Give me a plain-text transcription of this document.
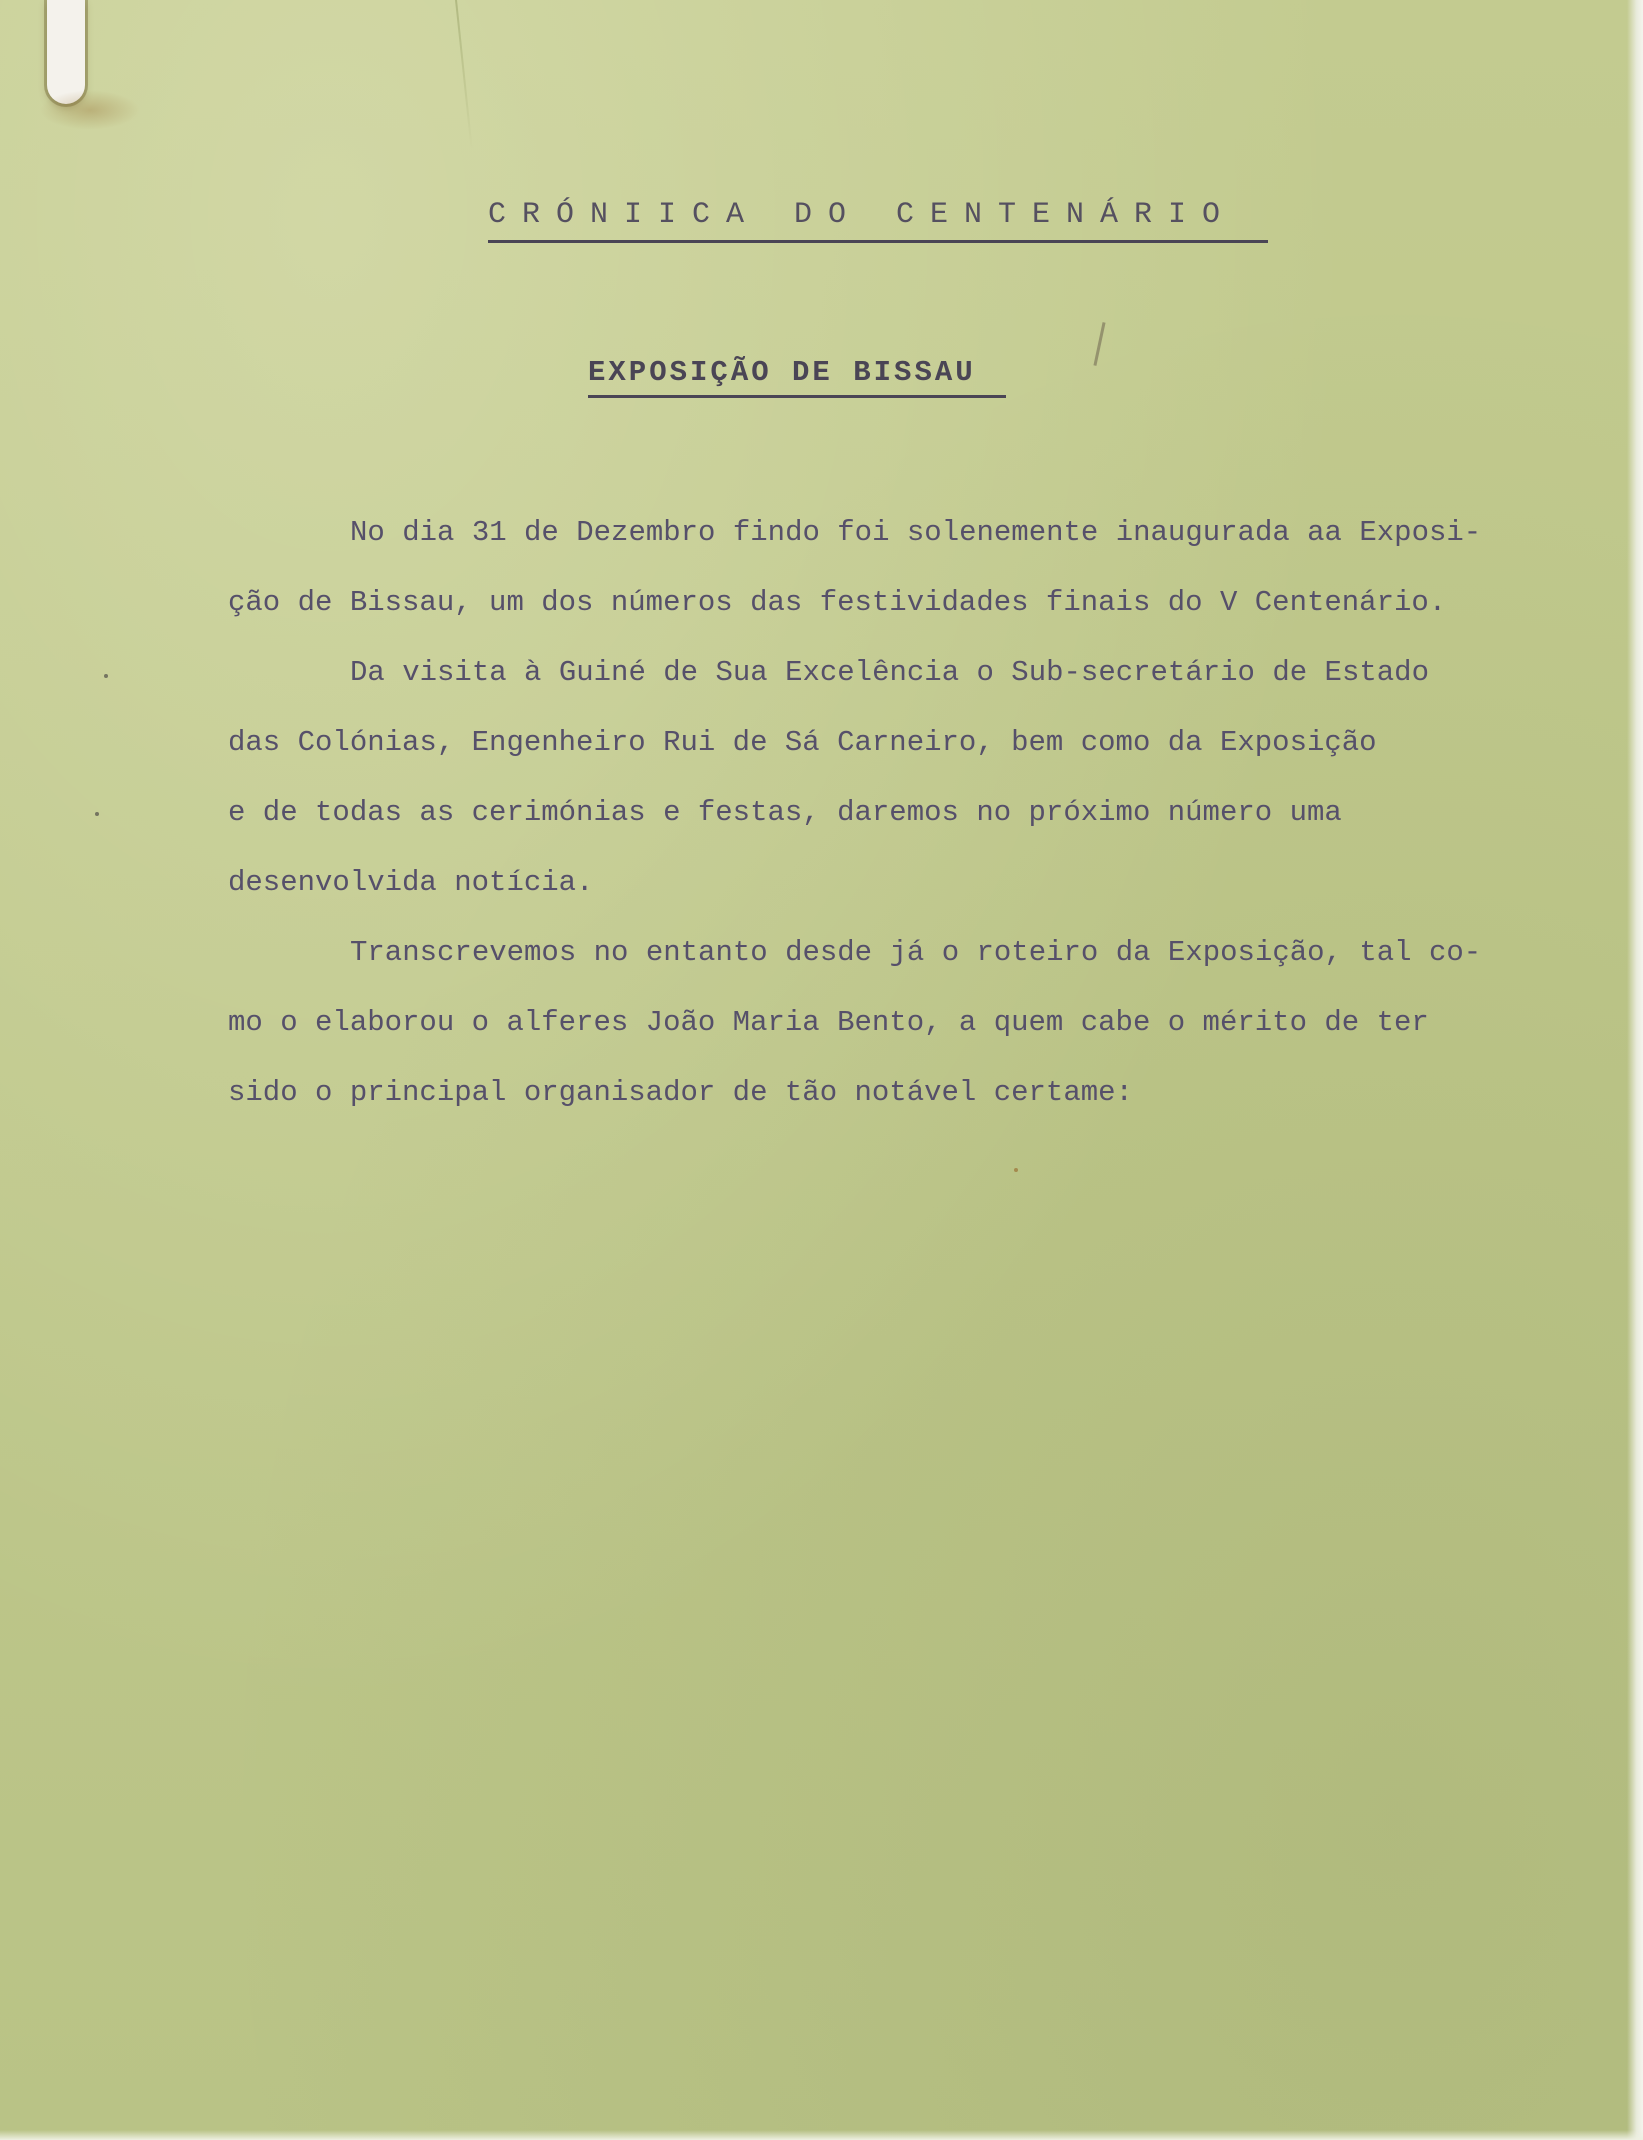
CRÓNIICA DO CENTENÁRIO
EXPOSIÇÃO DE BISSAU
No dia 31 de Dezembro findo foi solenemente inaugurada aa Exposi-
ção de Bissau, um dos números das festividades finais do V Centenário.
Da visita à Guiné de Sua Excelência o Sub-secretário de Estado
das Colónias, Engenheiro Rui de Sá Carneiro, bem como da Exposição
e de todas as cerimónias e festas, daremos no próximo número uma
desenvolvida notícia.
Transcrevemos no entanto desde já o roteiro da Exposição, tal co-
mo o elaborou o alferes João Maria Bento, a quem cabe o mérito de ter
sido o principal organisador de tão notável certame:
